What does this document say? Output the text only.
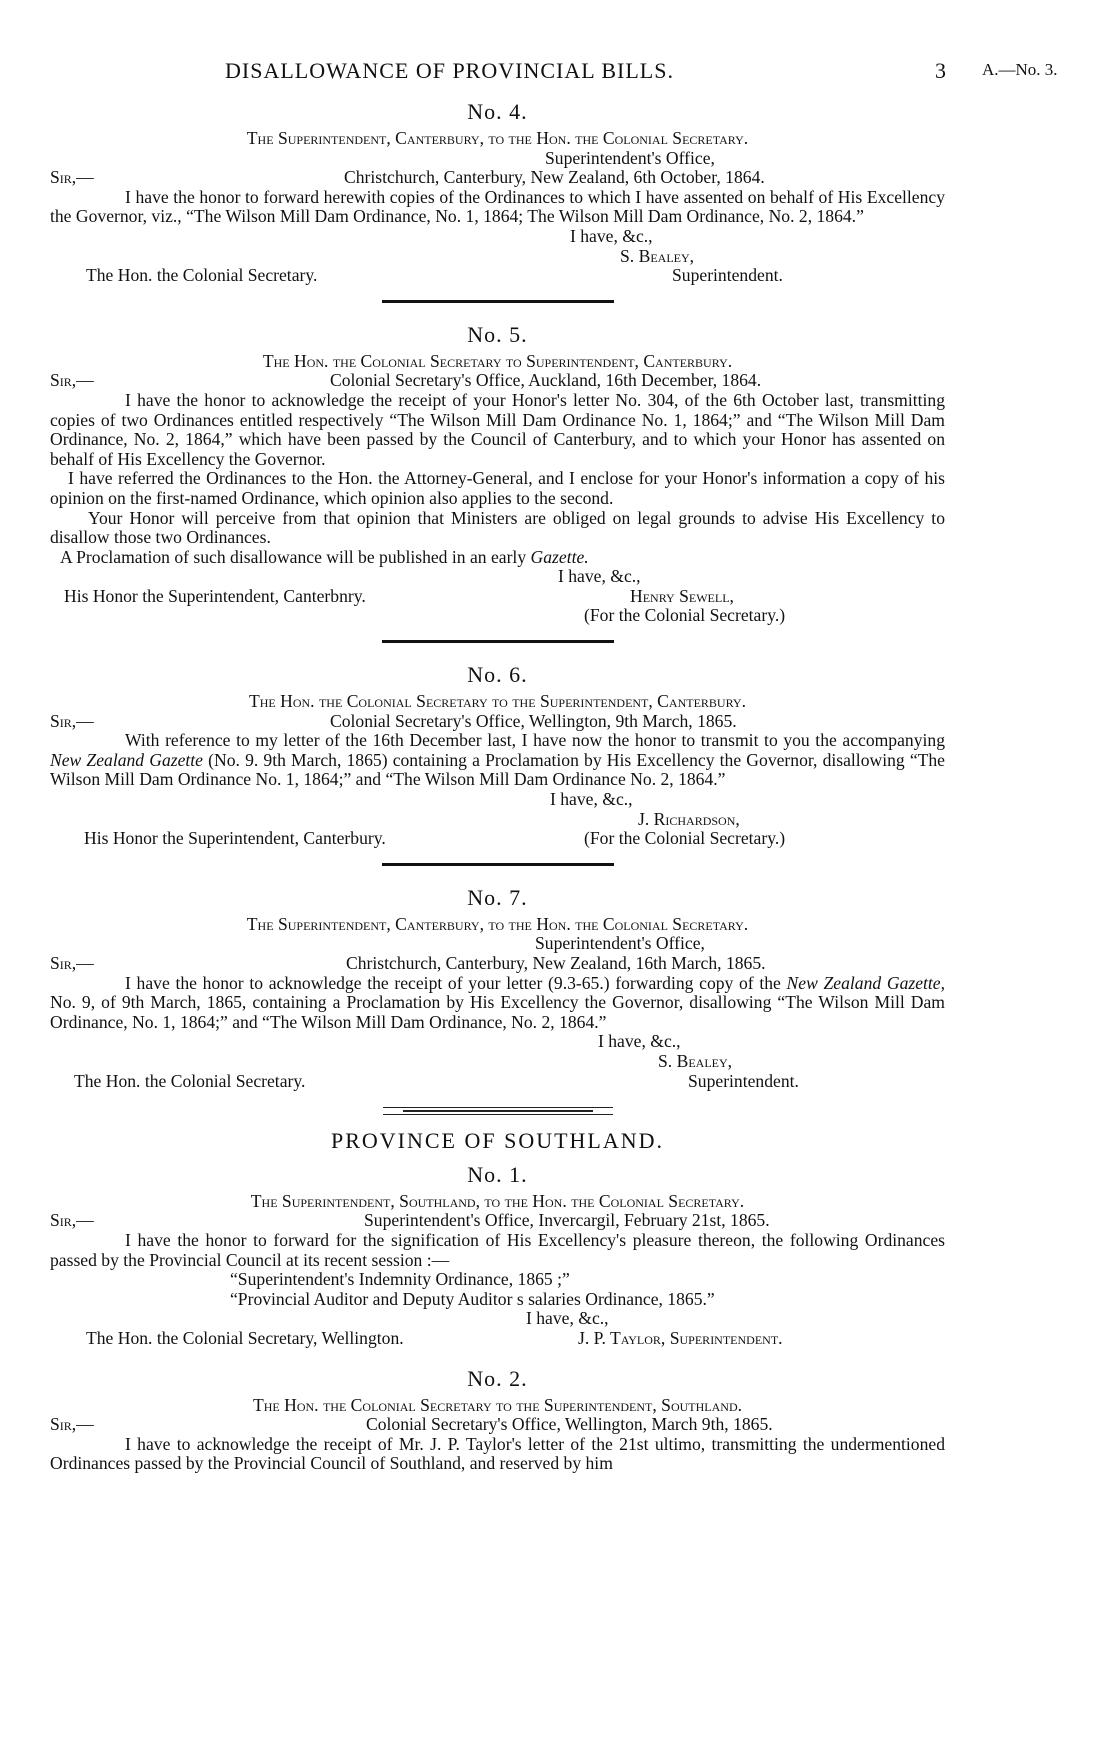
DISALLOWANCE OF PROVINCIAL BILLS.	3 A.—No. 3.
No. 4.

The Superintendent, Canterbury, to the Hon. the Colonial Secretary.

Superintendent's Office,

Sir,—	Christchurch, Canterbury, New Zealand, 6th October, 1864.

I have the honor to forward herewith copies of the Ordinances to which I have assented on behalf of His Excellency the Governor, viz., “The Wilson Mill Dam Ordinance, No. 1, 1864; The Wilson Mill Dam Ordinance, No. 2, 1864.”

I have, &c.,
S. Bealey,
The Hon. the Colonial Secretary.	Superintendent.
No. 5.

The Hon. the Colonial Secretary to Superintendent, Canterbury.

Sir,—	Colonial Secretary's Office, Auckland, 16th December, 1864.

I have the honor to acknowledge the receipt of your Honor's letter No. 304, of the 6th October last, transmitting copies of two Ordinances entitled respectively “The Wilson Mill Dam Ordinance No. 1, 1864;” and “The Wilson Mill Dam Ordinance, No. 2, 1864,” which have been passed by the Council of Canterbury, and to which your Honor has assented on behalf of His Excellency the Governor.

I have referred the Ordinances to the Hon. the Attorney-General, and I enclose for your Honor's information a copy of his opinion on the first-named Ordinance, which opinion also applies to the second.

Your Honor will perceive from that opinion that Ministers are obliged on legal grounds to advise His Excellency to disallow those two Ordinances.

A Proclamation of such disallowance will be published in an early Gazette.

I have, &c.,
His Honor the Superintendent, Canterbnry.	Henry Sewell,
(For the Colonial Secretary.)
No. 6.

The Hon. the Colonial Secretary to the Superintendent, Canterbury.

Sir,—	Colonial Secretary's Office, Wellington, 9th March, 1865.

With reference to my letter of the 16th December last, I have now the honor to transmit to you the accompanying New Zealand Gazette (No. 9. 9th March, 1865) containing a Proclamation by His Excellency the Governor, disallowing “The Wilson Mill Dam Ordinance No. 1, 1864;” and “The Wilson Mill Dam Ordinance No. 2, 1864.”

I have, &c.,
J. Richardson,
His Honor the Superintendent, Canterbury.	(For the Colonial Secretary.)
No. 7.

The Superintendent, Canterbury, to the Hon. the Colonial Secretary.

Superintendent's Office,

Sir,—	Christchurch, Canterbury, New Zealand, 16th March, 1865.

I have the honor to acknowledge the receipt of your letter (9.3-65.) forwarding copy of the New Zealand Gazette, No. 9, of 9th March, 1865, containing a Proclamation by His Excellency the Governor, disallowing “The Wilson Mill Dam Ordinance, No. 1, 1864;” and “The Wilson Mill Dam Ordinance, No. 2, 1864.”

I have, &c.,
S. Bealey,
The Hon. the Colonial Secretary.	Superintendent.
PROVINCE OF SOUTHLAND.
No. 1.

The Superintendent, Southland, to the Hon. the Colonial Secretary.

Sir,—	Superintendent's Office, Invercargil, February 21st, 1865.

I have the honor to forward for the signification of His Excellency's pleasure thereon, the following Ordinances passed by the Provincial Council at its recent session :—

“Superintendent's Indemnity Ordinance, 1865 ;”

“Provincial Auditor and Deputy Auditor s salaries Ordinance, 1865.”

I have, &c.,
The Hon. the Colonial Secretary, Wellington.	J. P. Taylor, Superintendent.
No. 2.

The Hon. the Colonial Secretary to the Superintendent, Southland.

Sir,—	Colonial Secretary's Office, Wellington, March 9th, 1865.

I have to acknowledge the receipt of Mr. J. P. Taylor's letter of the 21st ultimo, transmitting the undermentioned Ordinances passed by the Provincial Council of Southland, and reserved by him
